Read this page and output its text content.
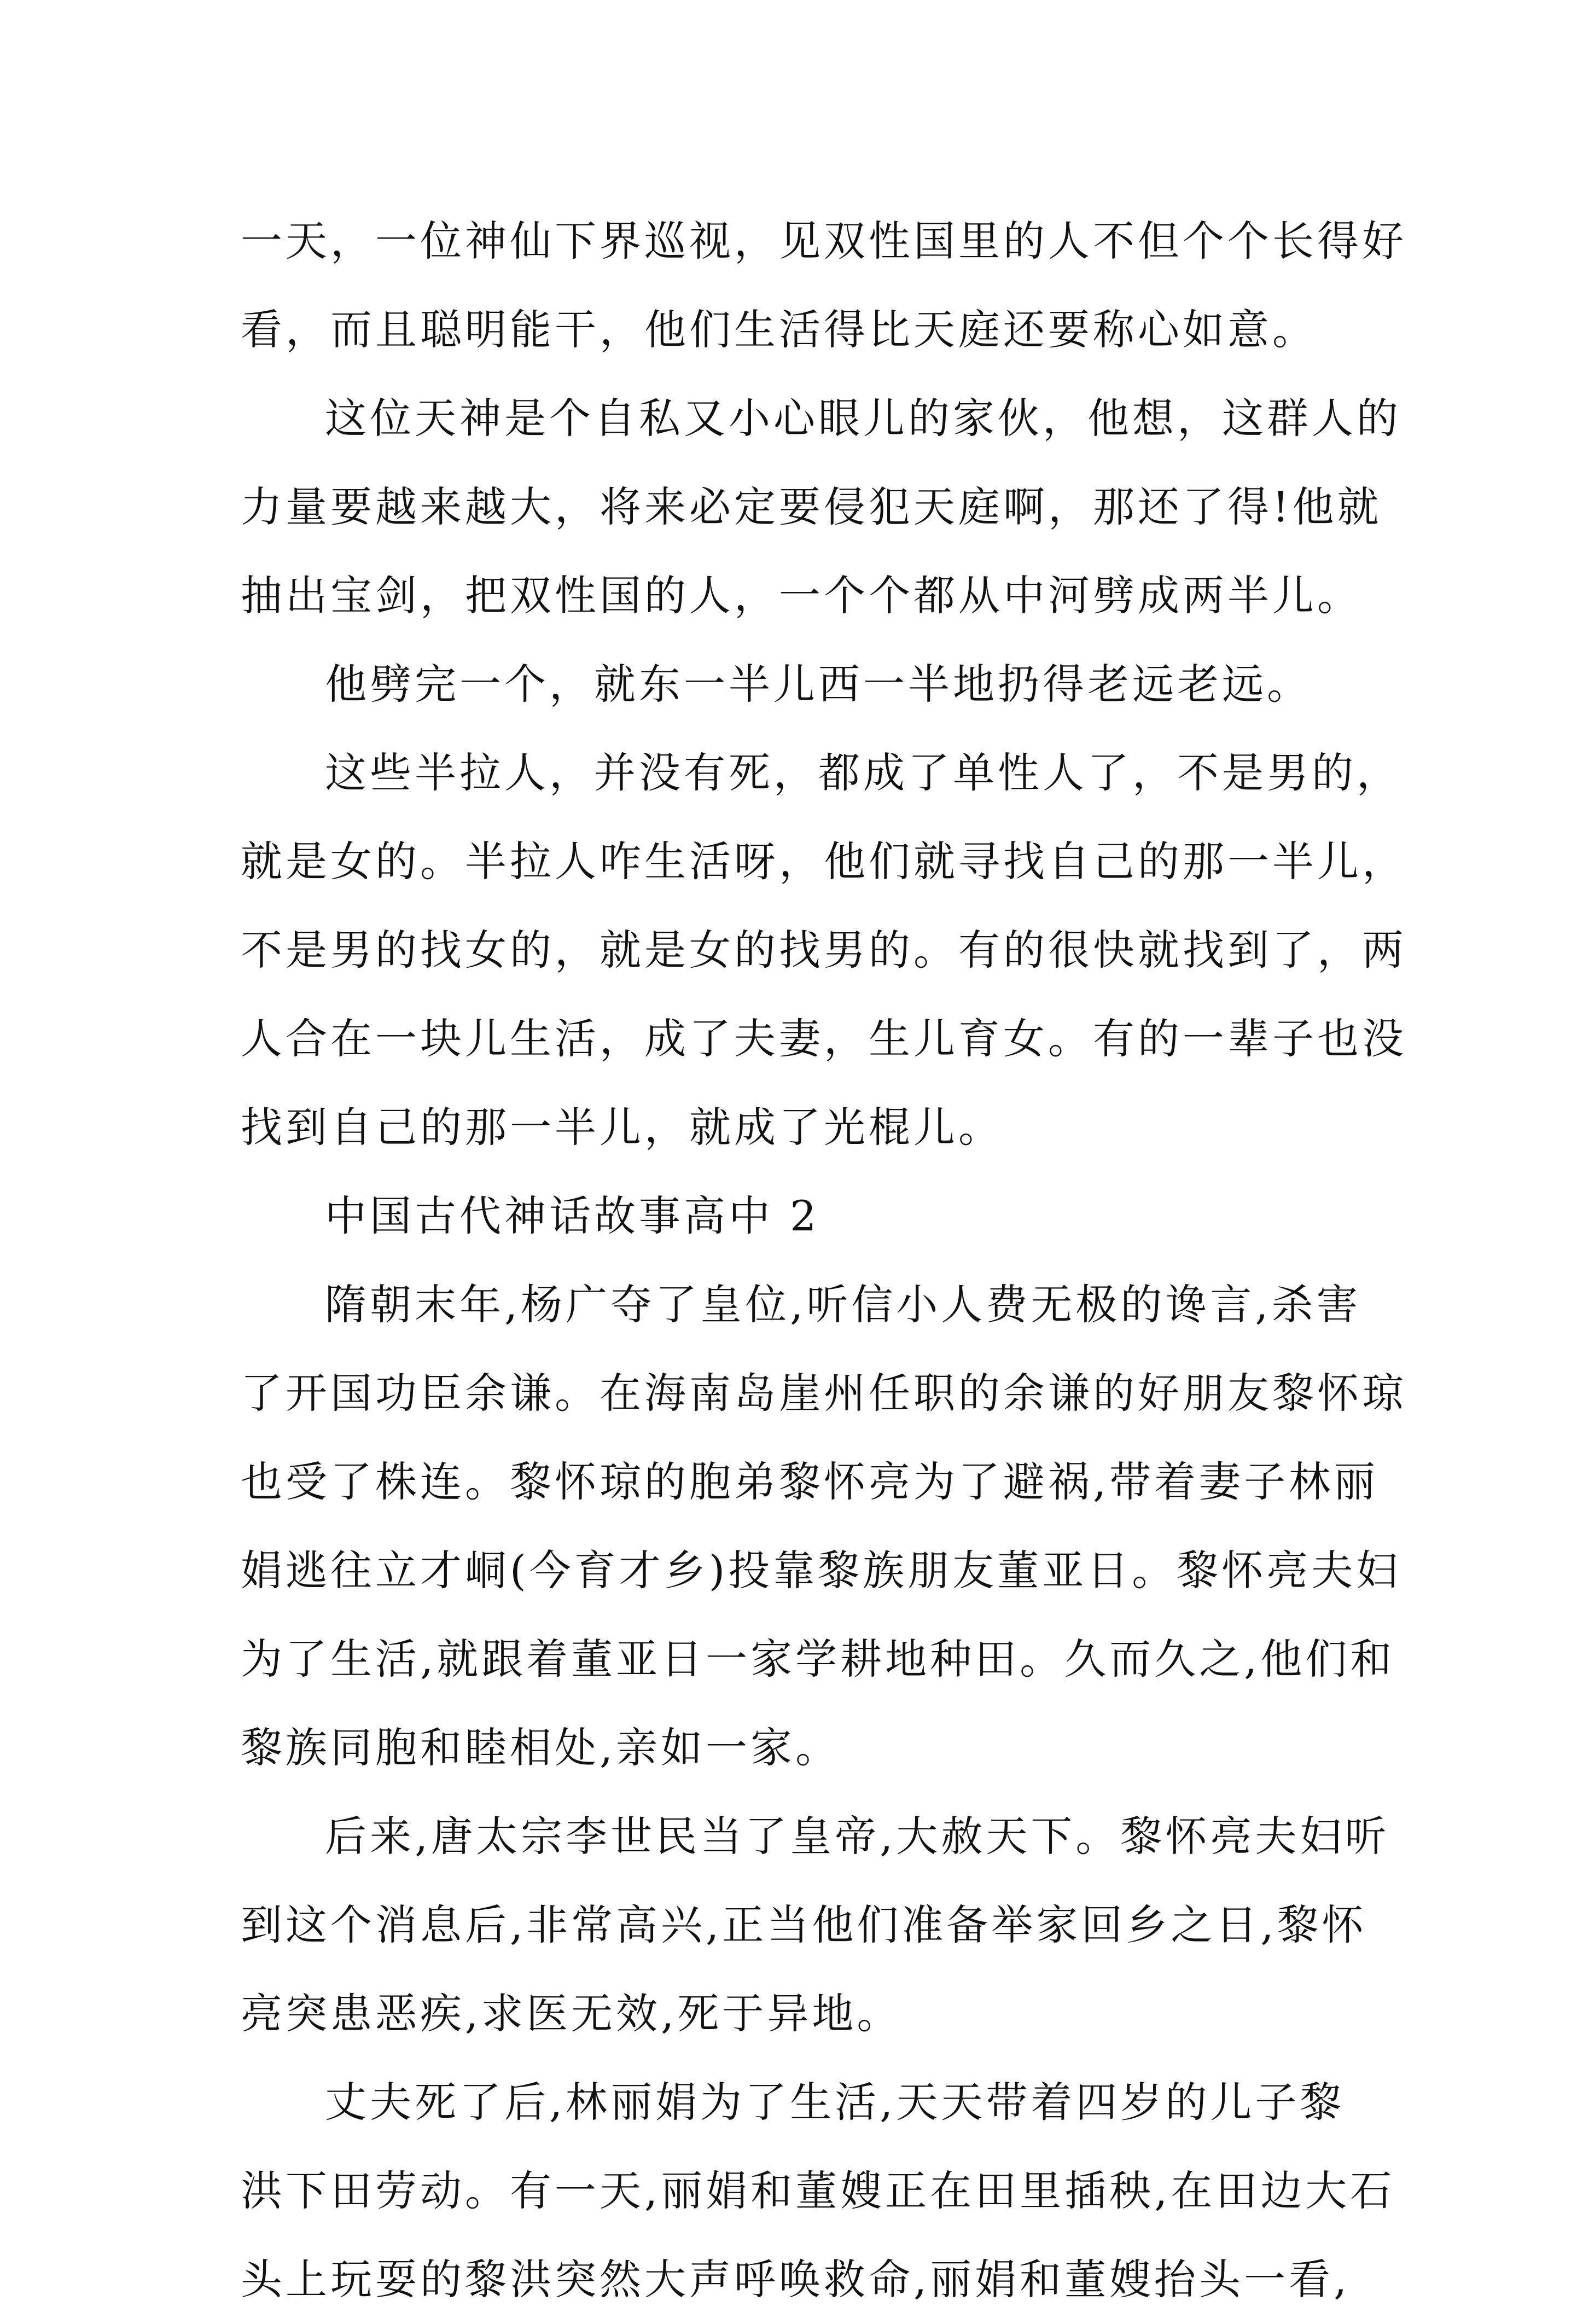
一天，一位神仙下界巡视，见双性国里的人不但个个长得好
看，而且聪明能干，他们生活得比天庭还要称心如意。
这位天神是个自私又小心眼儿的家伙，他想，这群人的
力量要越来越大，将来必定要侵犯天庭啊，那还了得!他就
抽出宝剑，把双性国的人，一个个都从中河劈成两半儿。
他劈完一个，就东一半儿西一半地扔得老远老远。
这些半拉人，并没有死，都成了单性人了，不是男的，
就是女的。半拉人咋生活呀，他们就寻找自己的那一半儿，
不是男的找女的，就是女的找男的。有的很快就找到了，两
人合在一块儿生活，成了夫妻，生儿育女。有的一辈子也没
找到自己的那一半儿，就成了光棍儿。
中国古代神话故事高中 2
隋朝末年,杨广夺了皇位,听信小人费无极的谗言,杀害
了开国功臣余谦。在海南岛崖州任职的余谦的好朋友黎怀琼
也受了株连。黎怀琼的胞弟黎怀亮为了避祸,带着妻子林丽
娟逃往立才峒(今育才乡)投靠黎族朋友董亚日。黎怀亮夫妇
为了生活,就跟着董亚日一家学耕地种田。久而久之,他们和
黎族同胞和睦相处,亲如一家。
后来,唐太宗李世民当了皇帝,大赦天下。黎怀亮夫妇听
到这个消息后,非常高兴,正当他们准备举家回乡之日,黎怀
亮突患恶疾,求医无效,死于异地。
丈夫死了后,林丽娟为了生活,天天带着四岁的儿子黎
洪下田劳动。有一天,丽娟和董嫂正在田里插秧,在田边大石
头上玩耍的黎洪突然大声呼唤救命,丽娟和董嫂抬头一看,
